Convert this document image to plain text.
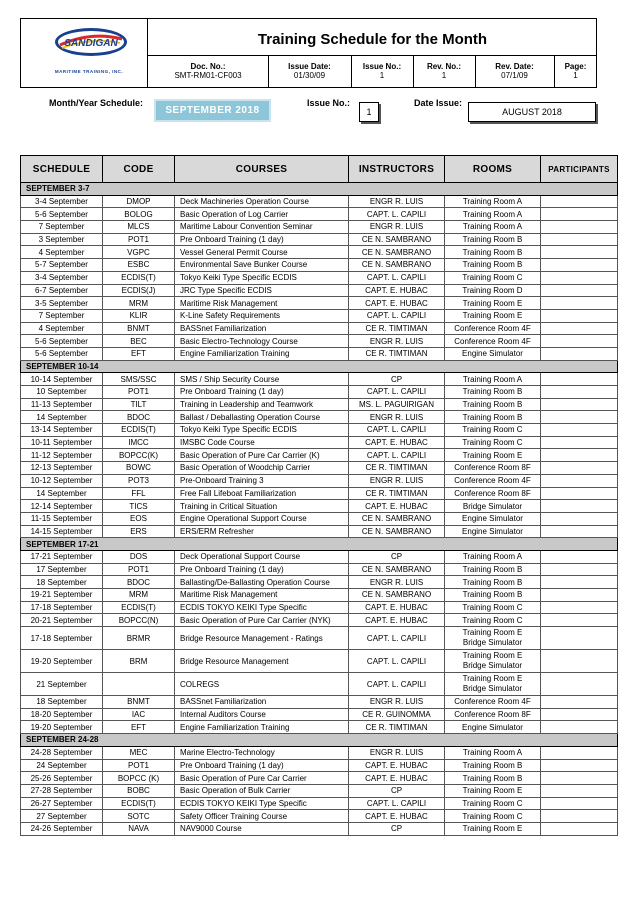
SANDIGAN
MARITIME TRAINING, INC.
Training Schedule for the Month
Doc. No.:
SMT-RM01-CF003
Issue Date:
01/30/09
Issue No.:
1
Rev. No.:
1
Rev. Date:
07/1/09
Page:
1
Month/Year Schedule:
SEPTEMBER 2018
Issue No.:
1
Date Issue:
AUGUST 2018
SCHEDULE	CODE	COURSES	INSTRUCTORS	ROOMS	PARTICIPANTS
SEPTEMBER 3-7					
3-4 September	DMOP	Deck Machineries Operation Course	ENGR R. LUIS	Training Room A	
5-6 September	BOLOG	Basic Operation of Log Carrier	CAPT. L. CAPILI	Training Room A	
7 September	MLCS	Maritime Labour Convention Seminar	ENGR R. LUIS	Training Room A	
3 September	POT1	Pre Onboard Training (1 day)	CE N. SAMBRANO	Training Room B	
4 September	VGPC	Vessel General Permit Course	CE N. SAMBRANO	Training Room B	
5-7 September	ESBC	Environmental Save Bunker Course	CE N. SAMBRANO	Training Room B	
3-4 September	ECDIS(T)	Tokyo Keiki Type Specific ECDIS	CAPT. L. CAPILI	Training Room C	
6-7 September	ECDIS(J)	JRC Type Specific ECDIS	CAPT. E. HUBAC	Training Room D	
3-5 September	MRM	Maritime Risk Management	CAPT. E. HUBAC	Training Room E	
7 September	KLIR	K-Line Safety Requirements	CAPT. L. CAPILI	Training Room E	
4 September	BNMT	BASSnet Familiarization	CE R. TIMTIMAN	Conference Room 4F	
5-6 September	BEC	Basic Electro-Technology Course	ENGR R. LUIS	Conference Room 4F	
5-6 September	EFT	Engine Familiarization Training	CE R. TIMTIMAN	Engine Simulator	
SEPTEMBER 10-14					
10-14 September	SMS/SSC	SMS / Ship Security Course	CP	Training Room A	
10 September	POT1	Pre Onboard Training (1 day)	CAPT. L. CAPILI	Training Room B	
11-13 September	TILT	Training in Leadership and Teamwork	MS. L. PAGUIRIGAN	Training Room B	
14 September	BDOC	Ballast / Deballasting Operation Course	ENGR R. LUIS	Training Room B	
13-14 September	ECDIS(T)	Tokyo Keiki Type Specific ECDIS	CAPT. L. CAPILI	Training Room C	
10-11 September	IMCC	IMSBC Code Course	CAPT. E. HUBAC	Training Room C	
11-12 September	BOPCC(K)	Basic Operation of Pure Car Carrier (K)	CAPT. L. CAPILI	Training Room E	
12-13 September	BOWC	Basic Operation of Woodchip Carrier	CE R. TIMTIMAN	Conference Room 8F	
10-12 September	POT3	Pre-Onboard Training 3	ENGR R. LUIS	Conference Room 4F	
14 September	FFL	Free Fall Lifeboat Familiarization	CE R. TIMTIMAN	Conference Room 8F	
12-14 September	TICS	Training in Critical Situation	CAPT. E. HUBAC	Bridge Simulator	
11-15 September	EOS	Engine Operational Support Course	CE N. SAMBRANO	Engine Simulator	
14-15 September	ERS	ERS/ERM Refresher	CE N. SAMBRANO	Engine Simulator	
SEPTEMBER 17-21					
17-21 September	DOS	Deck Operational Support Course	CP	Training Room A	
17 September	POT1	Pre Onboard Training (1 day)	CE N. SAMBRANO	Training Room B	
18 September	BDOC	Ballasting/De-Ballasting Operation Course	ENGR R. LUIS	Training Room B	
19-21 September	MRM	Maritime Risk Management	CE N. SAMBRANO	Training Room B	
17-18 September	ECDIS(T)	ECDIS TOKYO KEIKI Type Specific	CAPT. E. HUBAC	Training Room C	
20-21 September	BOPCC(N)	Basic Operation of Pure Car Carrier (NYK)	CAPT. E. HUBAC	Training Room C	
17-18 September	BRMR	Bridge Resource Management - Ratings	CAPT. L. CAPILI	Training Room E
Bridge Simulator	

19-20 September	BRM	Bridge Resource Management	CAPT. L. CAPILI	Training Room E
Bridge Simulator	

21 September		COLREGS	CAPT. L. CAPILI	Training Room E
Bridge Simulator	

18 September	BNMT	BASSnet Familiarization	ENGR R. LUIS	Conference Room 4F	
18-20 September	IAC	Internal Auditors Course	CE R. GUINOMMA	Conference Room 8F	
19-20 September	EFT	Engine Familiarization Training	CE R. TIMTIMAN	Engine Simulator	
SEPTEMBER 24-28					
24-28 September	MEC	Marine Electro-Technology	ENGR R. LUIS	Training Room A	
24 September	POT1	Pre Onboard Training (1 day)	CAPT. E. HUBAC	Training Room B	
25-26 September	BOPCC (K)	Basic Operation of Pure Car Carrier	CAPT. E. HUBAC	Training Room B	
27-28 September	BOBC	Basic Operation of Bulk Carrier	CP	Training Room E	
26-27 September	ECDIS(T)	ECDIS TOKYO KEIKI Type Specific	CAPT. L. CAPILI	Training Room C	
27 September	SOTC	Safety Officer Training Course	CAPT. E. HUBAC	Training Room C	
24-26 September	NAVA	NAV9000 Course	CP	Training Room E	
